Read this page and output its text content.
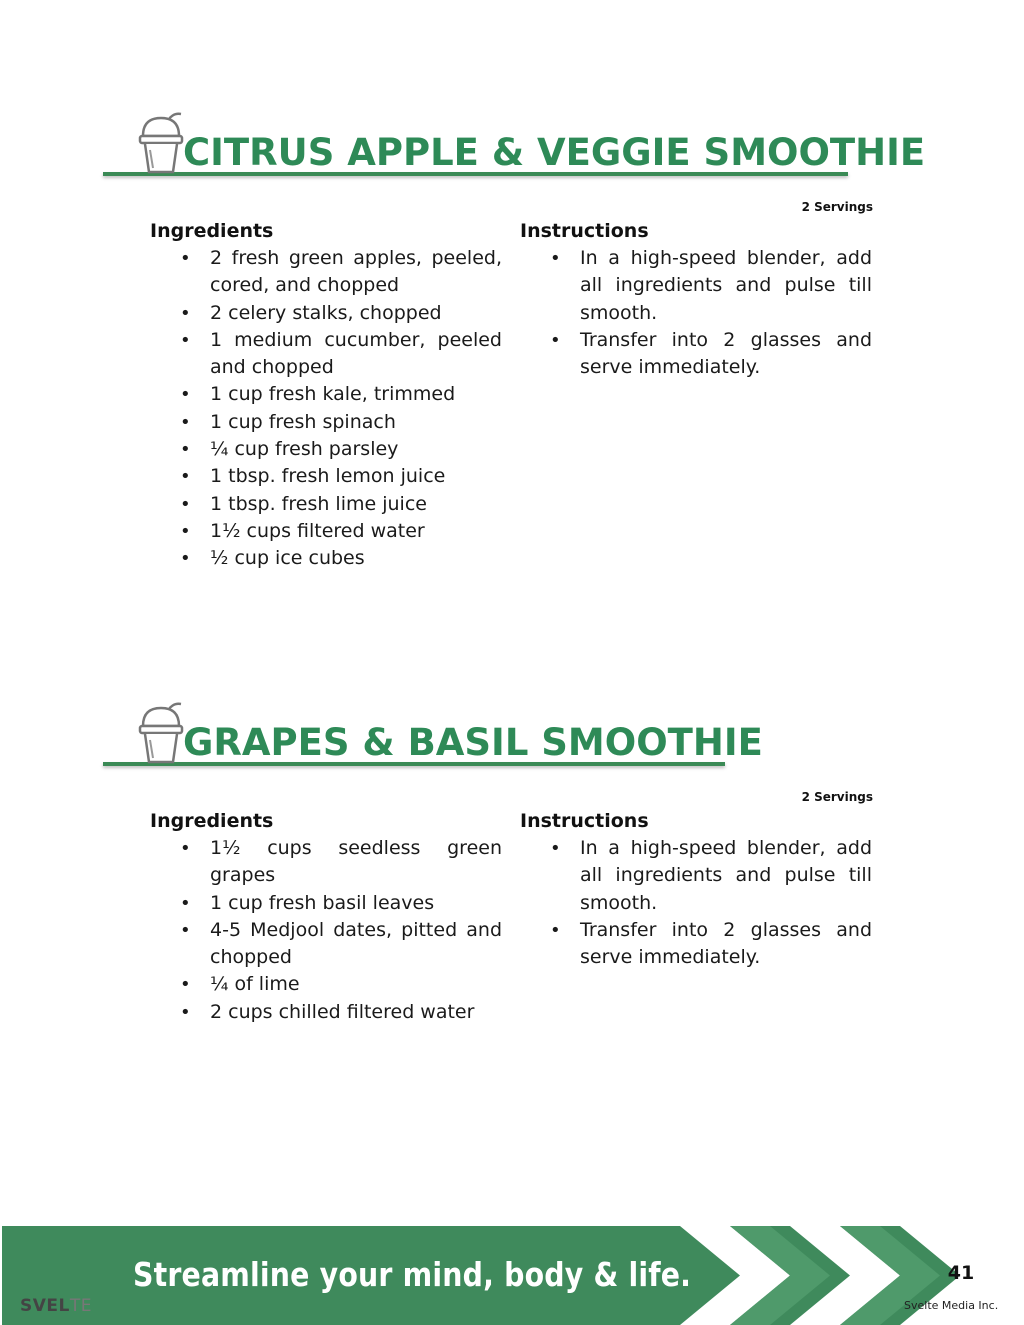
CITRUS APPLE & VEGGIE SMOOTHIE
2 Servings
Ingredients
• 2 fresh green apples, peeled, cored, and chopped
• 2 celery stalks, chopped
• 1 medium cucumber, peeled and chopped
• 1 cup fresh kale, trimmed
• 1 cup fresh spinach
• ¼ cup fresh parsley
• 1 tbsp. fresh lemon juice
• 1 tbsp. fresh lime juice
• 1½ cups filtered water
• ½ cup ice cubes
Instructions
• In a high-speed blender, add all ingredients and pulse till smooth.
• Transfer into 2 glasses and serve immediately.
GRAPES & BASIL SMOOTHIE
2 Servings
Ingredients
• 1½ cups seedless green grapes
• 1 cup fresh basil leaves
• 4-5 Medjool dates, pitted and chopped
• ¼ of lime
• 2 cups chilled filtered water
Instructions
• In a high-speed blender, add all ingredients and pulse till smooth.
• Transfer into 2 glasses and serve immediately.
Streamline your mind, body & life.	41
Svelte Media Inc.
SVELTE
